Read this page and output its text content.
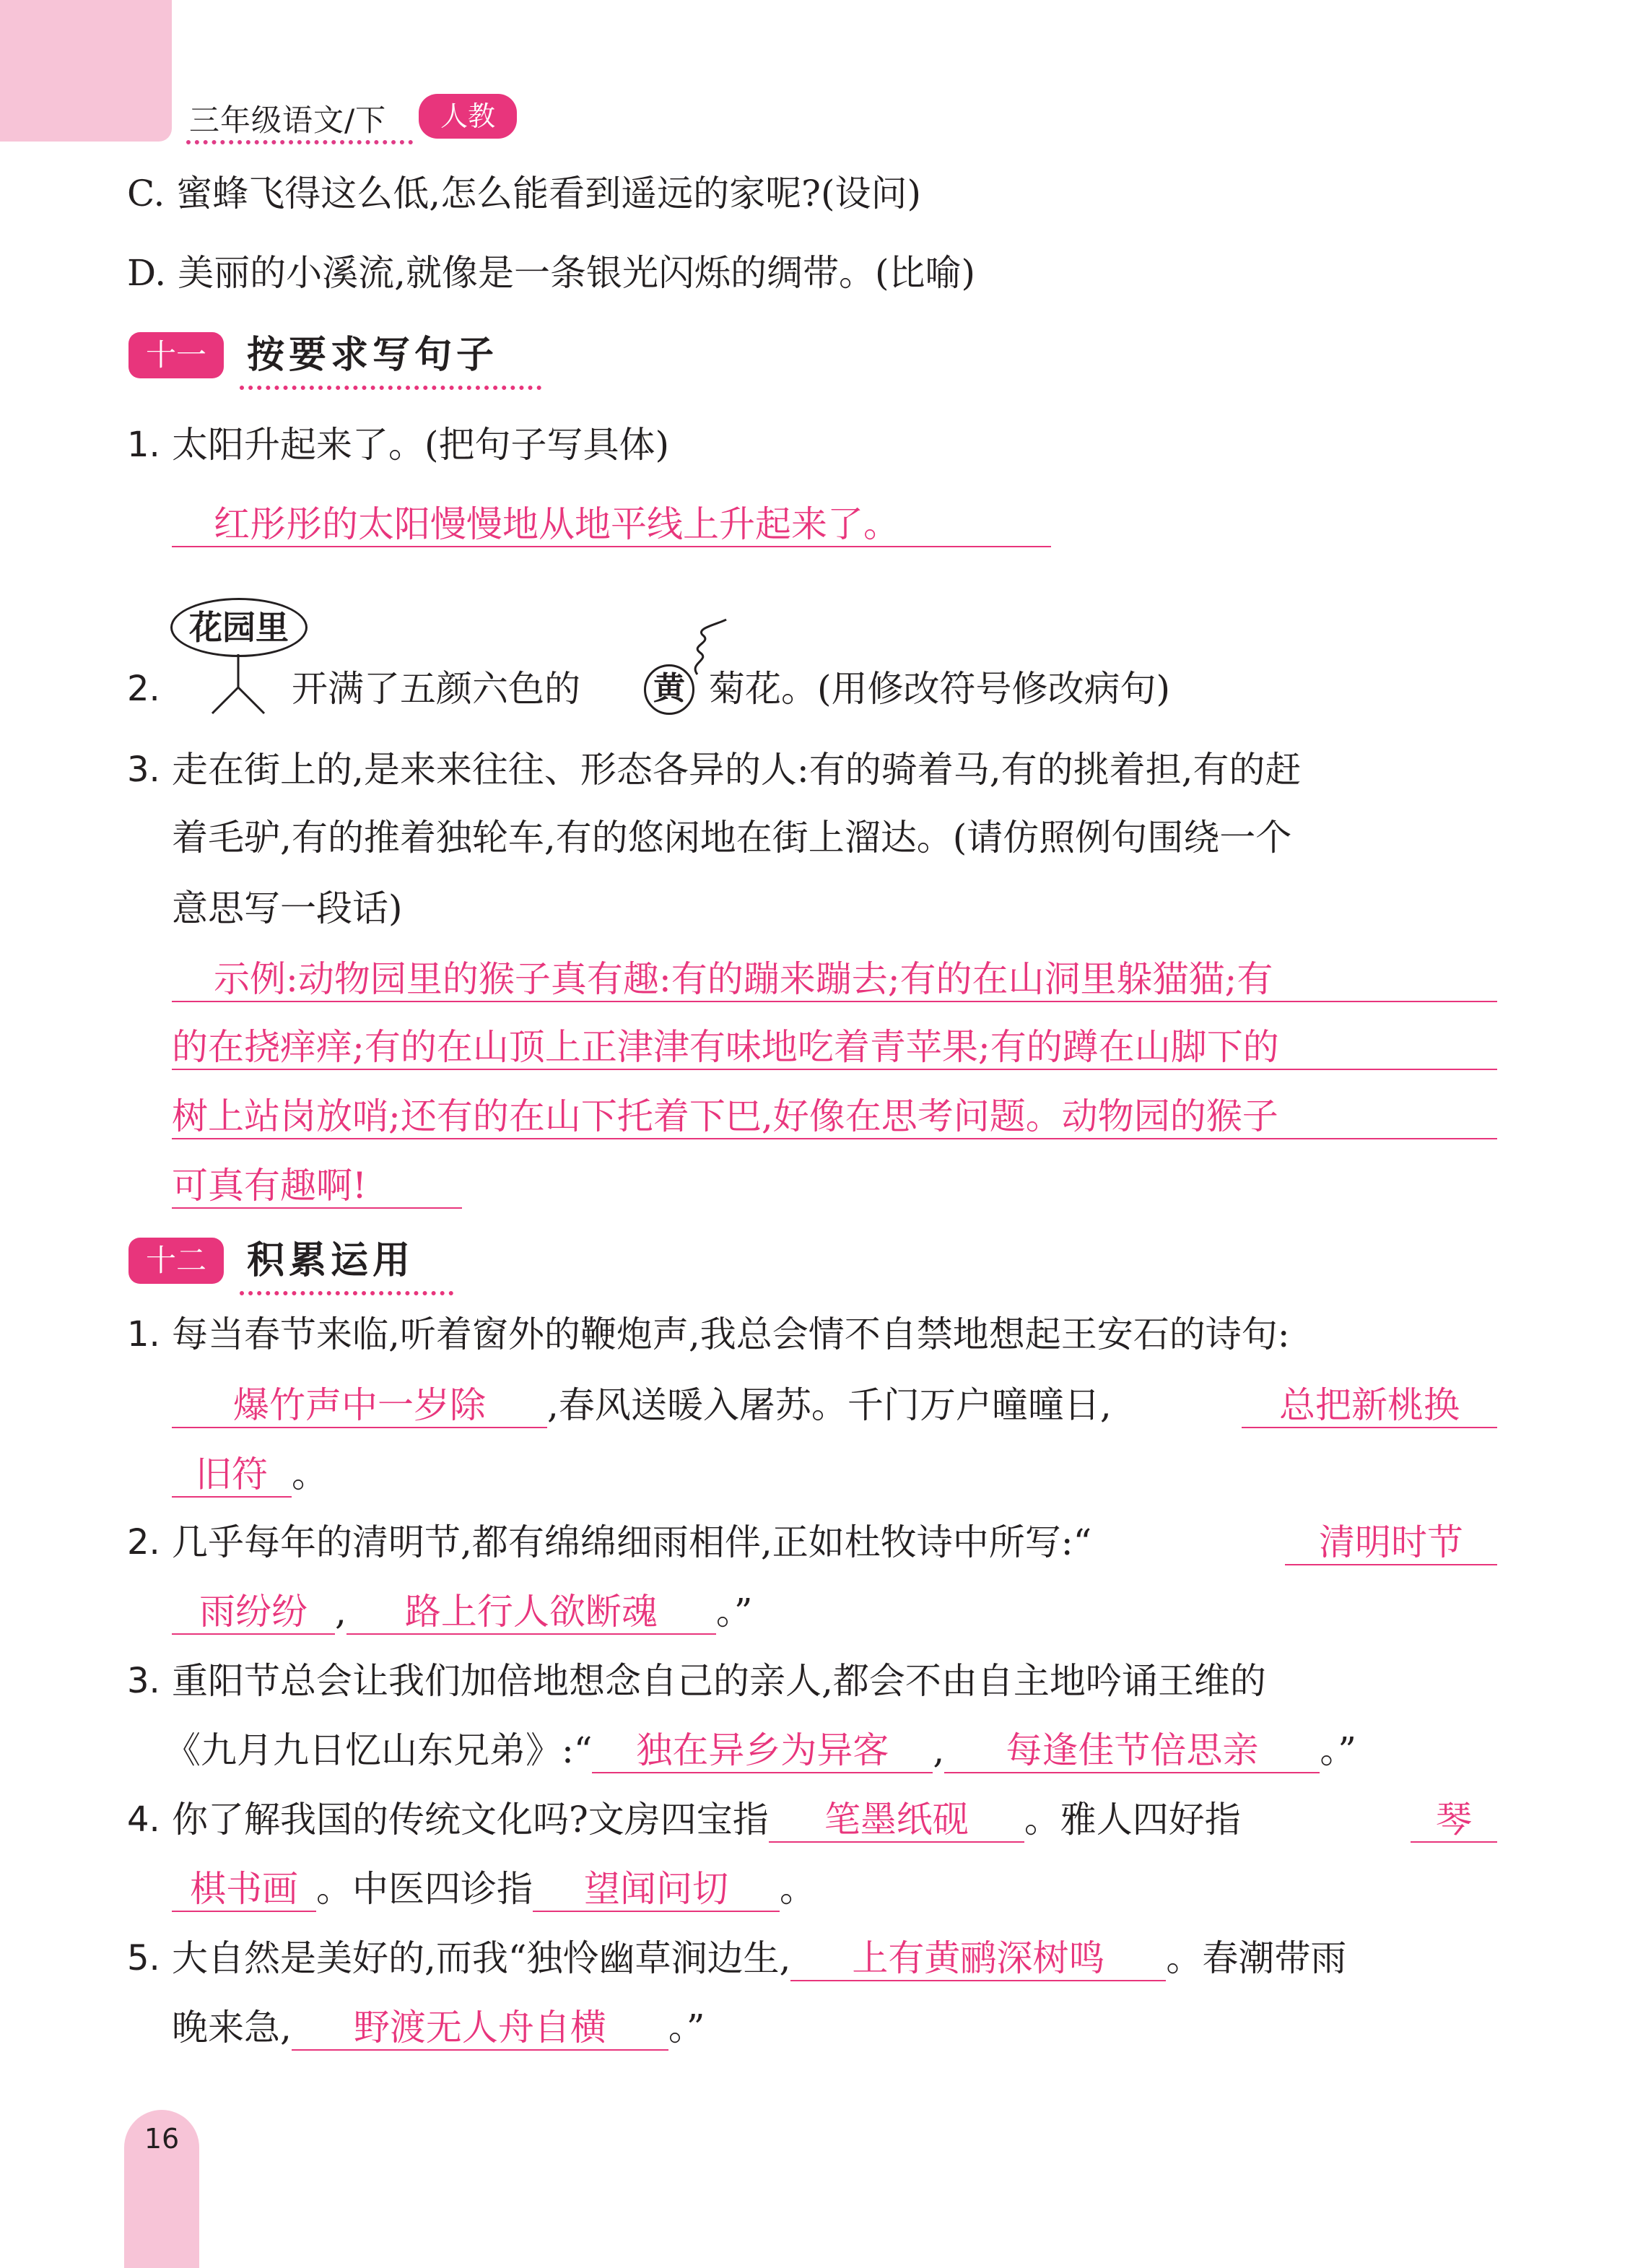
三年级语文/下	人教
C. 蜜蜂飞得这么低,怎么能看到遥远的家呢?(设问)
D. 美丽的小溪流,就像是一条银光闪烁的绸带。(比喻)
十一	按要求写句子
1. 太阳升起来了。(把句子写具体)
红彤彤的太阳慢慢地从地平线上升起来了。
花园里
2.	开满了五颜六色的 黄 菊花。(用修改符号修改病句)
3. 走在街上的,是来来往往、形态各异的人:有的骑着马,有的挑着担,有的赶
着毛驴,有的推着独轮车,有的悠闲地在街上溜达。(请仿照例句围绕一个
意思写一段话)
示例:动物园里的猴子真有趣:有的蹦来蹦去;有的在山洞里躲猫猫;有
的在挠痒痒;有的在山顶上正津津有味地吃着青苹果;有的蹲在山脚下的
树上站岗放哨;还有的在山下托着下巴,好像在思考问题。动物园的猴子
可真有趣啊!
十二	积累运用
1. 每当春节来临,听着窗外的鞭炮声,我总会情不自禁地想起王安石的诗句:
爆竹声中一岁除 ,春风送暖入屠苏。千门万户曈曈日,	总把新桃换
旧符 。
2. 几乎每年的清明节,都有绵绵细雨相伴,正如杜牧诗中所写:“	清明时节
雨纷纷 , 路上行人欲断魂 。”
3. 重阳节总会让我们加倍地想念自己的亲人,都会不由自主地吟诵王维的
《九月九日忆山东兄弟》:“ 独在异乡为异客 , 每逢佳节倍思亲 。”
4. 你了解我国的传统文化吗?文房四宝指 笔墨纸砚 。雅人四好指	琴
棋书画 。中医四诊指 望闻问切 。
5. 大自然是美好的,而我“独怜幽草涧边生, 上有黄鹂深树鸣 。春潮带雨
晚来急, 野渡无人舟自横 。”
16
